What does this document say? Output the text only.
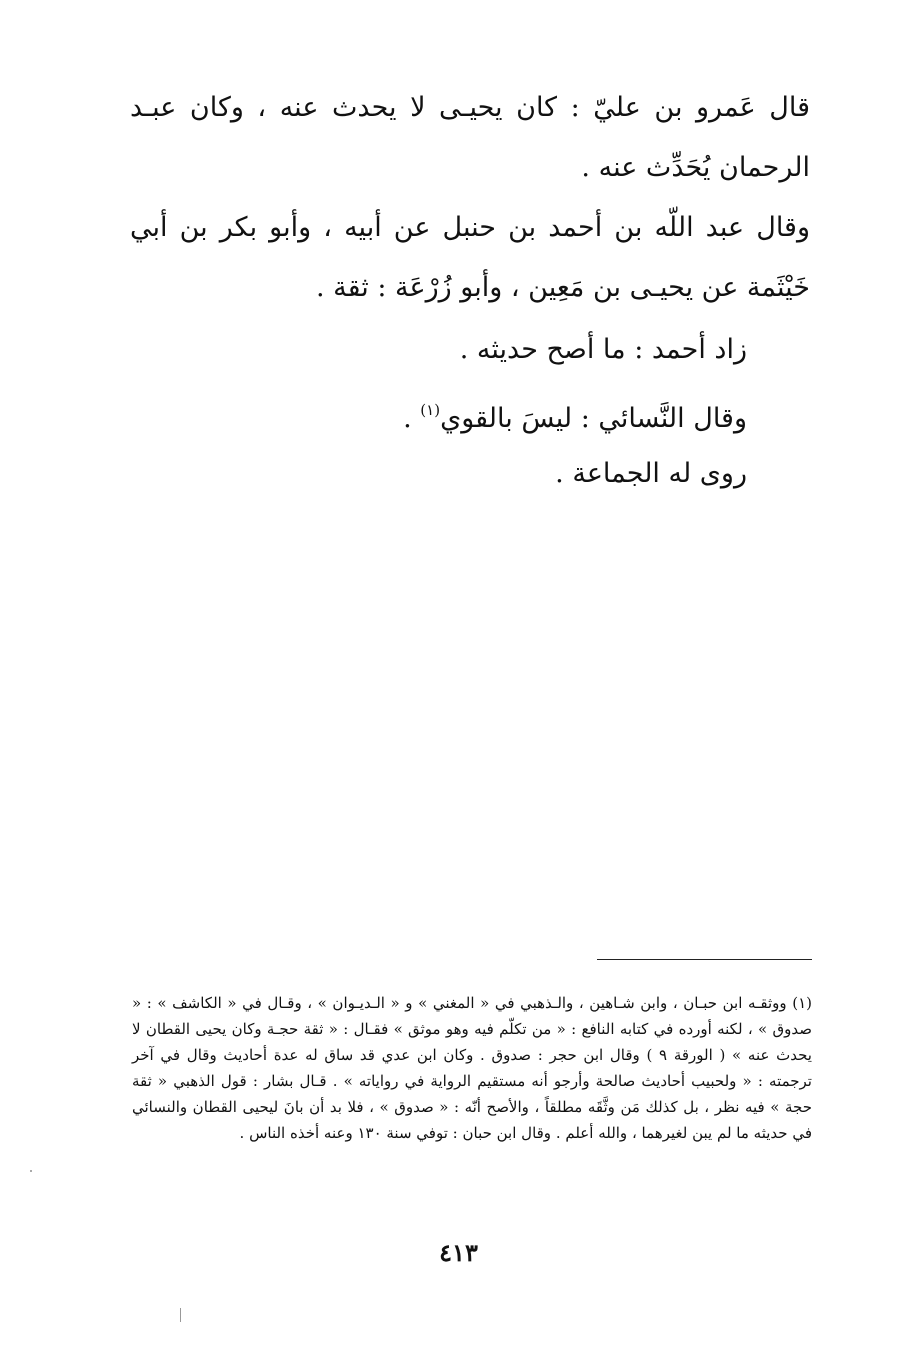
قال عَمرو بن عليّ : كان يحيـى لا يحدث عنه ، وكان عبـد الرحمان يُحَدِّث عنه .

وقال عبد اللّه بن أحمد بن حنبل عن أبيه ، وأبو بكر بن أبي خَيْثَمة عن يحيـى بن مَعِين ، وأبو زُرْعَة : ثقة .

زاد أحمد : ما أصح حديثه .

وقال النَّسائي : ليسَ بالقوي$^{(١)}$ .

روى له الجماعة .

(١) ووثقـه ابن حبـان ، وابن شـاهين ، والـذهبي في « المغني » و « الـديـوان » ، وقـال في « الكاشف » : « صدوق » ، لكنه أورده في كتابه النافع : « من تكلّم فيه وهو موثق » فقـال : « ثقة حجـة وكان يحيى القطان لا يحدث عنه » ( الورقة ٩ ) وقال ابن حجر : صدوق . وكان ابن عدي قد ساق له عدة أحاديث وقال في آخر ترجمته : « ولحبيب أحاديث صالحة وأرجو أنه مستقيم الرواية في رواياته » . قـال بشار : قول الذهبي « ثقة حجة » فيه نظر ، بل كذلك مَن وثَّقَه مطلقاً ، والأصح أنّه : « صدوق » ، فلا بد أن بانَ ليحيى القطان والنسائي في حديثه ما لم يبن لغيرهما ، والله أعلم . وقال ابن حبان : توفي سنة ١٣٠ وعنه أخذه الناس .

٤١٣
